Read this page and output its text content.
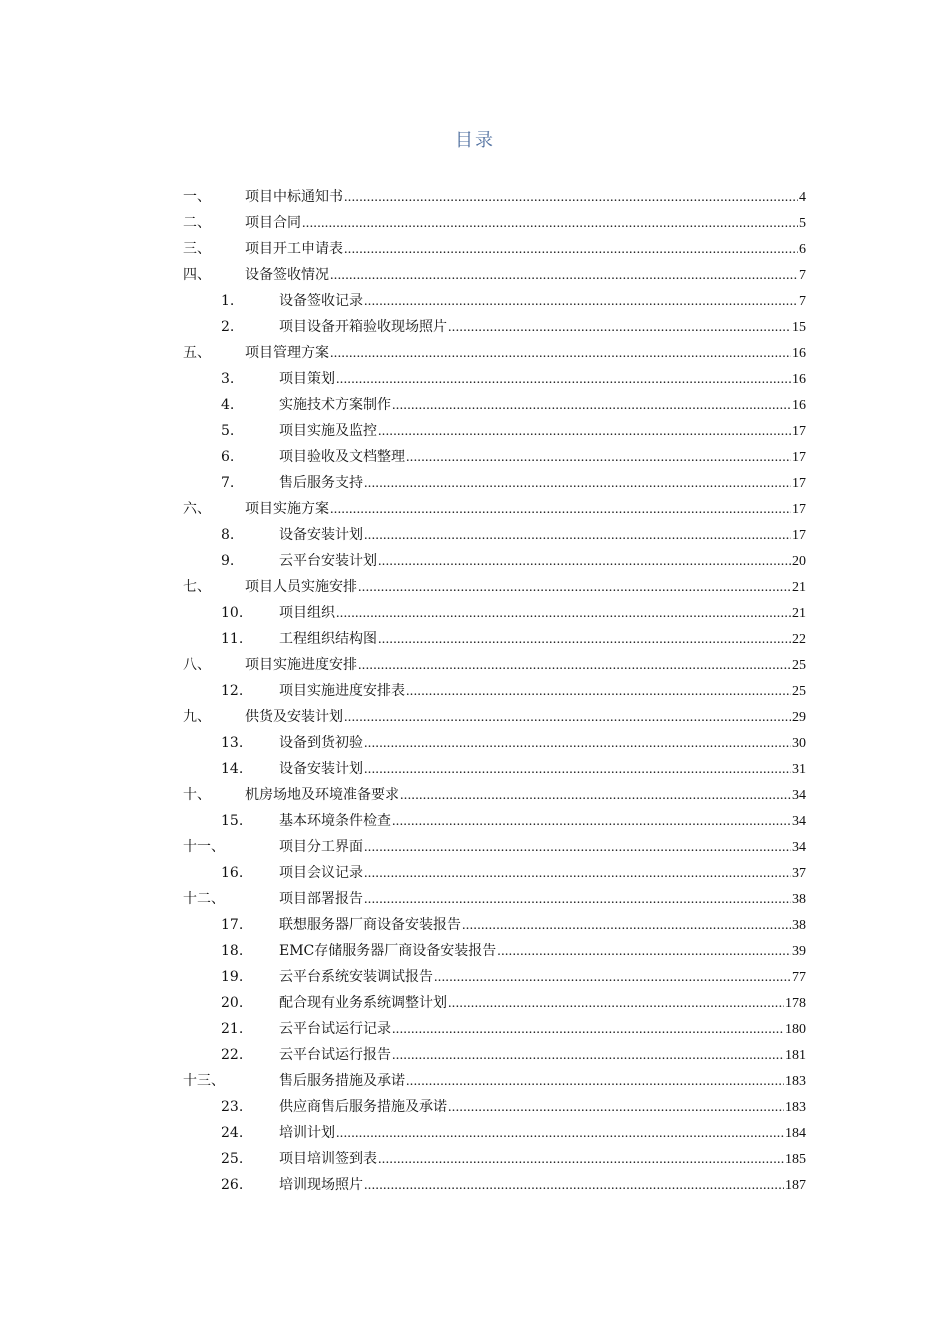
目录
一、 项目中标通知书 .....	4
二、 项目合同 .....	5
三、 项目开工申请表 .....	6
四、 设备签收情况 .....	7
1.	设备签收记录 .....	7
2.	项目设备开箱验收现场照片 .....	15
五、 项目管理方案 .....	16
3.	项目策划 .....	16
4.	实施技术方案制作 .....	16
5.	项目实施及监控 .....	17
6.	项目验收及文档整理 .....	17
7.	售后服务支持 .....	17
六、 项目实施方案 .....	17
8.	设备安装计划 .....	17
9.	云平台安装计划 .....	20
七、 项目人员实施安排 .....	21
10.	项目组织 .....	21
11.	工程组织结构图 .....	22
八、 项目实施进度安排 .....	25
12.	项目实施进度安排表 .....	25
九、 供货及安装计划 .....	29
13.	设备到货初验 .....	30
14.	设备安装计划 .....	31
十、 机房场地及环境准备要求 .....	34
15.	基本环境条件检查 .....	34
十一、	项目分工界面 .....	34
16.	项目会议记录 .....	37
十二、	项目部署报告 .....	38
17.	联想服务器厂商设备安装报告 .....	38
18.	EMC存储服务器厂商设备安装报告 .....	39
19.	云平台系统安装调试报告 .....	77
20.	配合现有业务系统调整计划 .....	178
21.	云平台试运行记录 .....	180
22.	云平台试运行报告 .....	181
十三、	售后服务措施及承诺 .....	183
23.	供应商售后服务措施及承诺 .....	183
24.	培训计划 .....	184
25.	项目培训签到表 .....	185
26.	培训现场照片 .....	187
